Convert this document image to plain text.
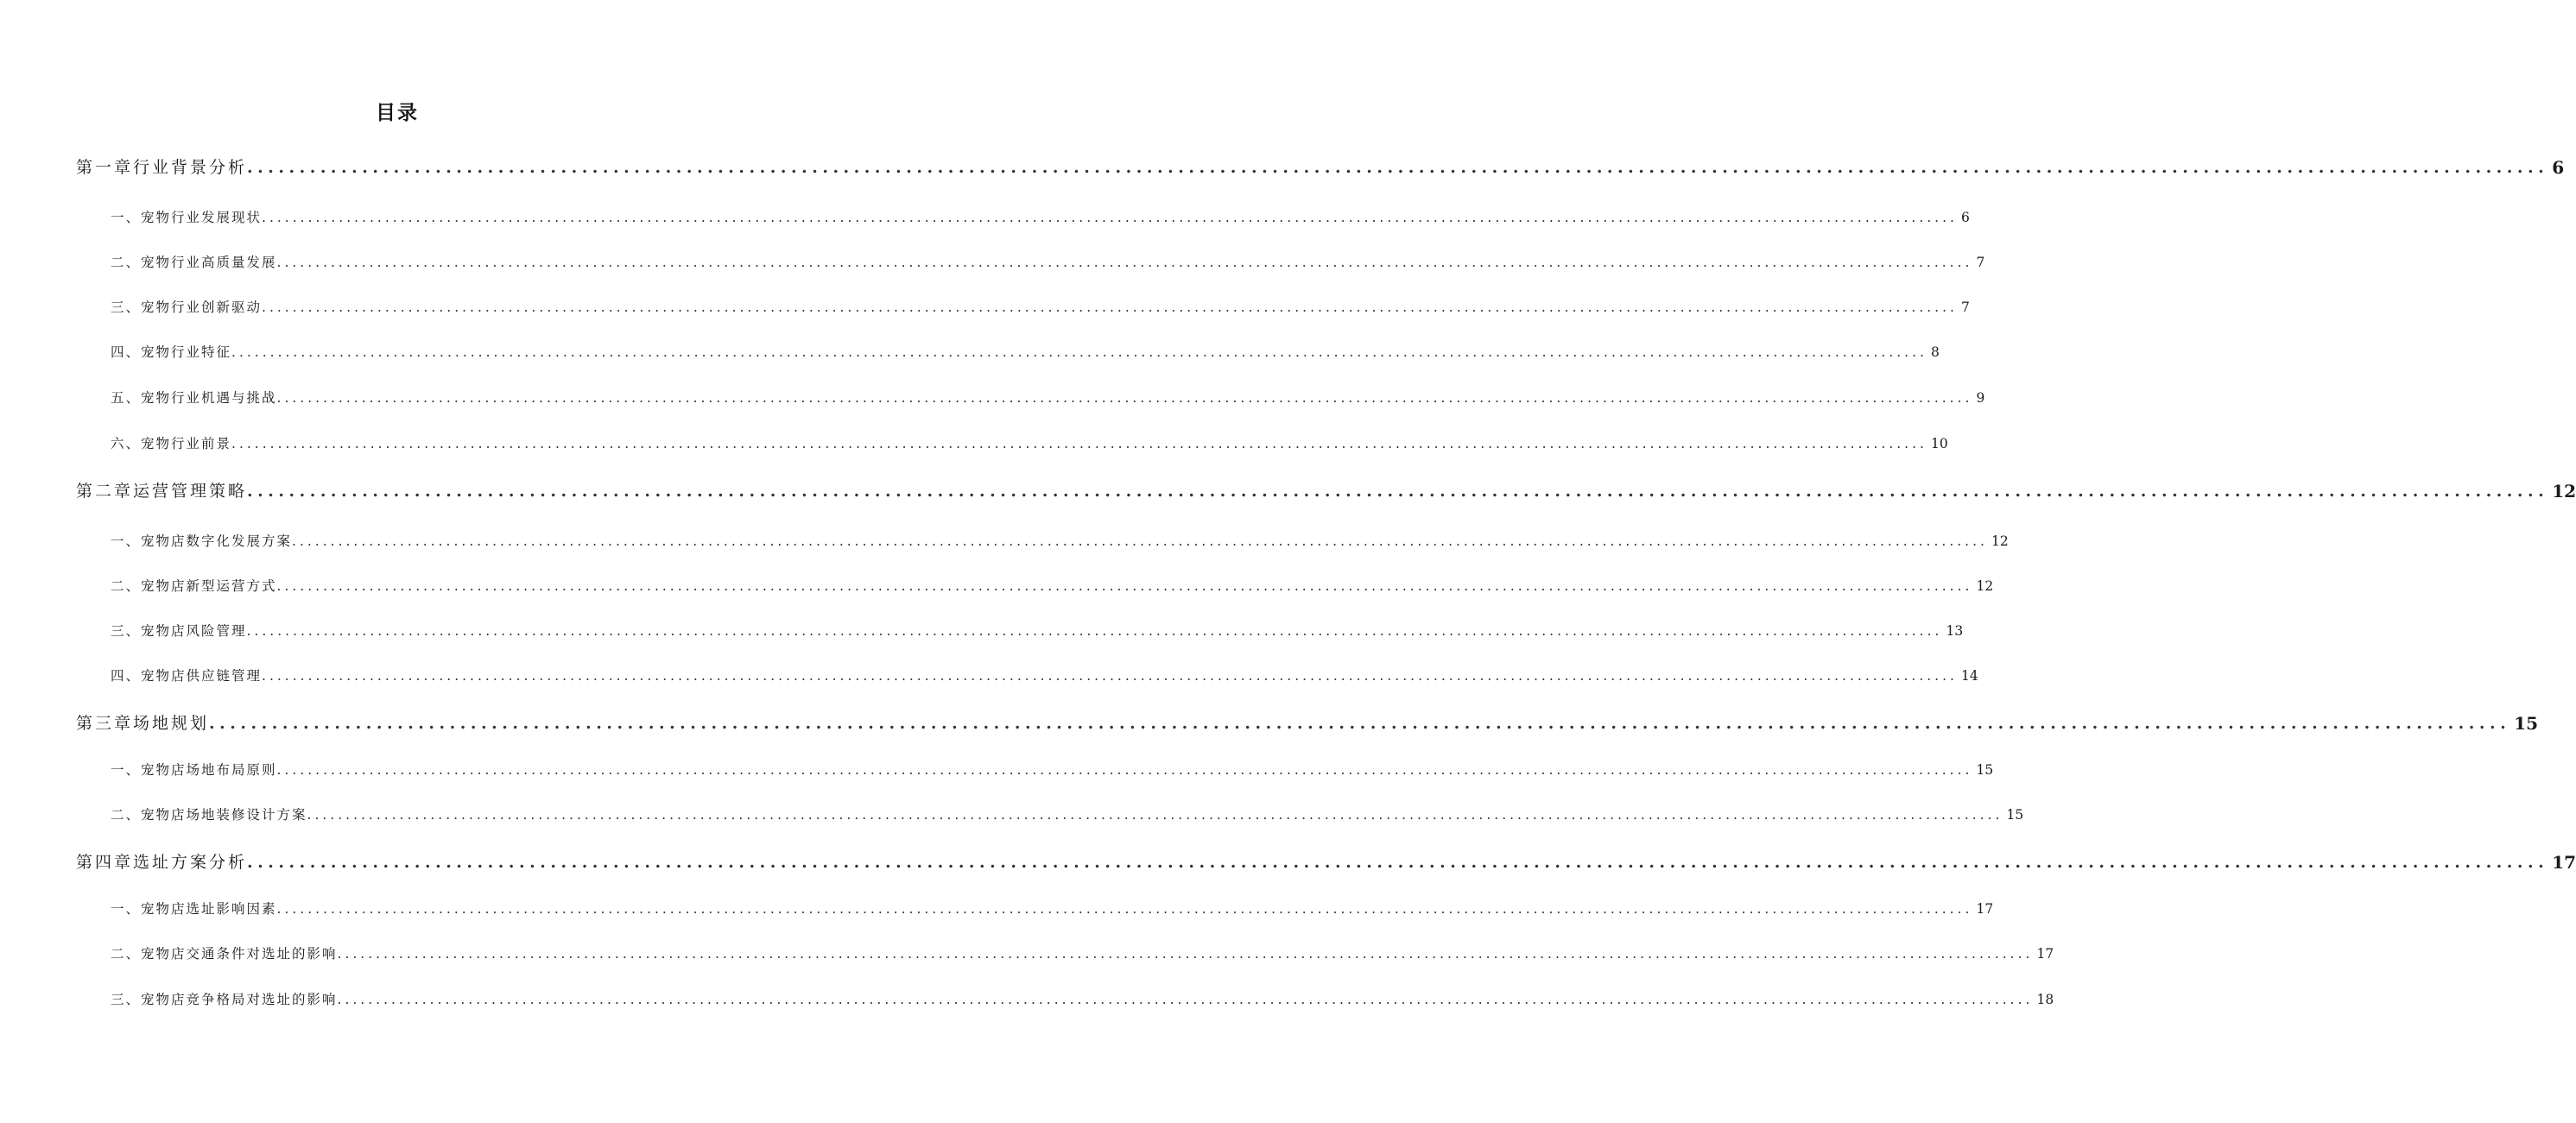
目录
第一章行业背景分析 ............................................................................................................................................................................................................................ 6
一、宠物行业发展现状 ............................................................................................................................................................................................................................ 6
二、宠物行业高质量发展 ............................................................................................................................................................................................................................ 7
三、宠物行业创新驱动 ............................................................................................................................................................................................................................ 7
四、宠物行业特征 ............................................................................................................................................................................................................................ 8
五、宠物行业机遇与挑战 ............................................................................................................................................................................................................................ 9
六、宠物行业前景 ............................................................................................................................................................................................................................ 10
第二章运营管理策略 ............................................................................................................................................................................................................................ 12
一、宠物店数字化发展方案 ............................................................................................................................................................................................................................ 12
二、宠物店新型运营方式 ............................................................................................................................................................................................................................ 12
三、宠物店风险管理 ............................................................................................................................................................................................................................ 13
四、宠物店供应链管理 ............................................................................................................................................................................................................................ 14
第三章场地规划 ............................................................................................................................................................................................................................ 15
一、宠物店场地布局原则 ............................................................................................................................................................................................................................ 15
二、宠物店场地装修设计方案 ............................................................................................................................................................................................................................ 15
第四章选址方案分析 ............................................................................................................................................................................................................................ 17
一、宠物店选址影响因素 ............................................................................................................................................................................................................................ 17
二、宠物店交通条件对选址的影响 ............................................................................................................................................................................................................................ 17
三、宠物店竞争格局对选址的影响 ............................................................................................................................................................................................................................ 18
